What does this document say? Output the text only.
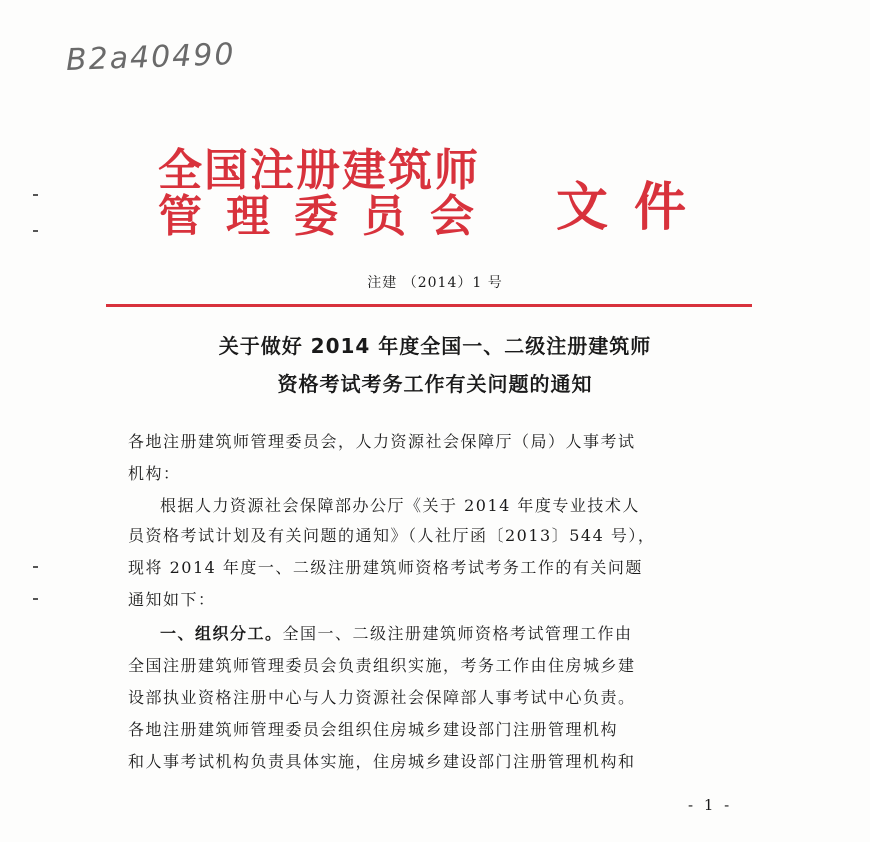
B2a40490
全国注册建筑师
管理委员会 文件
注建 （2014）1 号
关于做好 2014 年度全国一、二级注册建筑师
资格考试考务工作有关问题的通知
各地注册建筑师管理委员会，人力资源社会保障厅（局）人事考试
机构：
根据人力资源社会保障部办公厅《关于 2014 年度专业技术人
员资格考试计划及有关问题的通知》（人社厅函〔2013〕544 号），
现将 2014 年度一、二级注册建筑师资格考试考务工作的有关问题
通知如下：
一、组织分工。全国一、二级注册建筑师资格考试管理工作由
全国注册建筑师管理委员会负责组织实施，考务工作由住房城乡建
设部执业资格注册中心与人力资源社会保障部人事考试中心负责。
各地注册建筑师管理委员会组织住房城乡建设部门注册管理机构
和人事考试机构负责具体实施，住房城乡建设部门注册管理机构和
- 1 -
